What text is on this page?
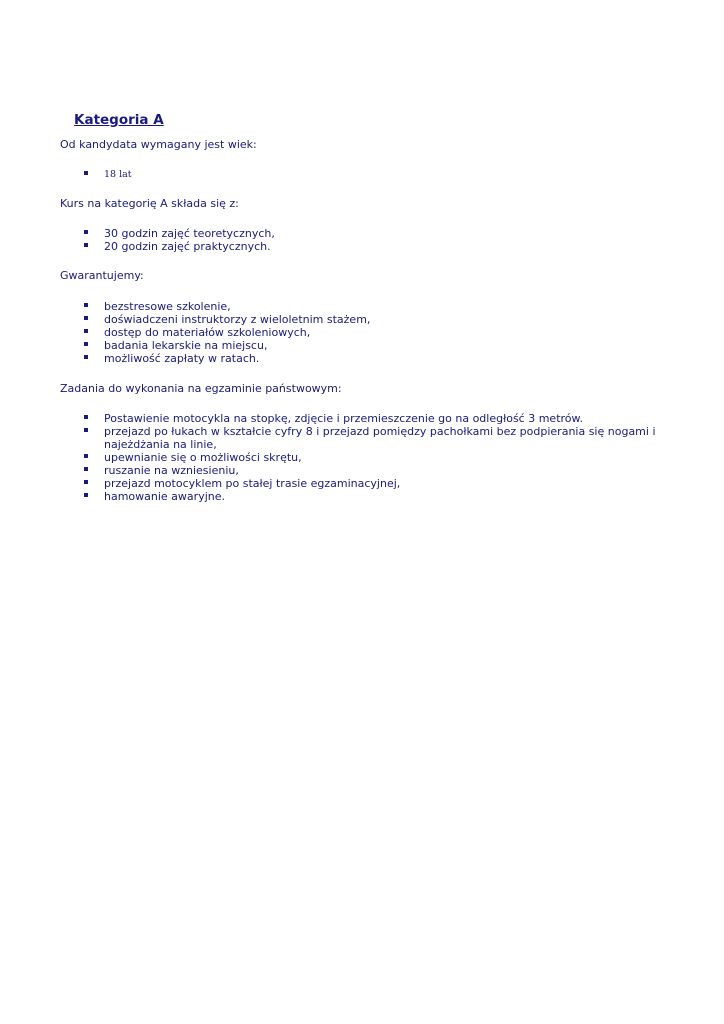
Kategoria A
Od kandydata wymagany jest wiek:
18 lat
Kurs na kategorię A składa się z:
30 godzin zajęć teoretycznych,
20 godzin zajęć praktycznych.
Gwarantujemy:
bezstresowe szkolenie,
doświadczeni instruktorzy z wieloletnim stażem,
dostęp do materiałów szkoleniowych,
badania lekarskie na miejscu,
możliwość zapłaty w ratach.
Zadania do wykonania na egzaminie państwowym:
Postawienie motocykla na stopkę, zdjęcie i przemieszczenie go na odległość 3 metrów.
przejazd po łukach w kształcie cyfry 8 i przejazd pomiędzy pachołkami bez podpierania się nogami i najeżdżania na linie,
upewnianie się o możliwości skrętu,
ruszanie na wzniesieniu,
przejazd motocyklem po stałej trasie egzaminacyjnej,
hamowanie awaryjne.
